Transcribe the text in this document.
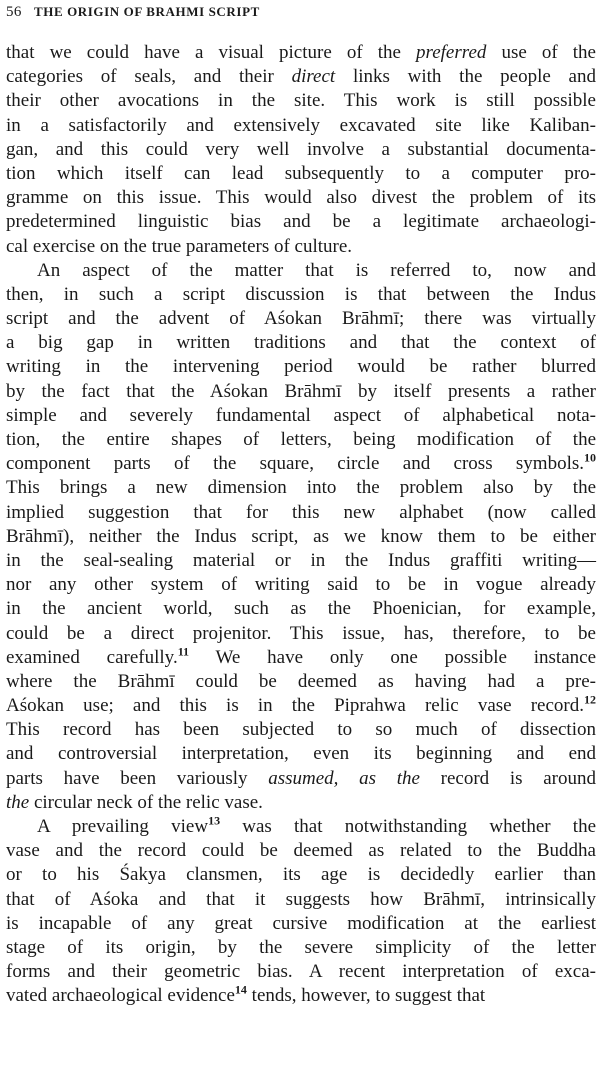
56 THE ORIGIN OF BRAHMI SCRIPT
that we could have a visual picture of the preferred use of the
categories of seals, and their direct links with the people and
their other avocations in the site. This work is still possible
in a satisfactorily and extensively excavated site like Kaliban-
gan, and this could very well involve a substantial documenta-
tion which itself can lead subsequently to a computer pro-
gramme on this issue. This would also divest the problem of its
predetermined linguistic bias and be a legitimate archaeologi-
cal exercise on the true parameters of culture.
An aspect of the matter that is referred to, now and
then, in such a script discussion is that between the Indus
script and the advent of Aśokan Brāhmī; there was virtually
a big gap in written traditions and that the context of
writing in the intervening period would be rather blurred
by the fact that the Aśokan Brāhmī by itself presents a rather
simple and severely fundamental aspect of alphabetical nota-
tion, the entire shapes of letters, being modification of the
component parts of the square, circle and cross symbols.$^{10}$
This brings a new dimension into the problem also by the
implied suggestion that for this new alphabet (now called
Brāhmī), neither the Indus script, as we know them to be either
in the seal-sealing material or in the Indus graffiti writing—
nor any other system of writing said to be in vogue already
in the ancient world, such as the Phoenician, for example,
could be a direct projenitor. This issue, has, therefore, to be
examined carefully.$^{11}$ We have only one possible instance
where the Brāhmī could be deemed as having had a pre-
Aśokan use; and this is in the Piprahwa relic vase record.$^{12}$
This record has been subjected to so much of dissection
and controversial interpretation, even its beginning and end
parts have been variously assumed, as the record is around
the circular neck of the relic vase.
A prevailing view$^{13}$ was that notwithstanding whether the
vase and the record could be deemed as related to the Buddha
or to his Śakya clansmen, its age is decidedly earlier than
that of Aśoka and that it suggests how Brāhmī, intrinsically
is incapable of any great cursive modification at the earliest
stage of its origin, by the severe simplicity of the letter
forms and their geometric bias. A recent interpretation of exca-
vated archaeological evidence$^{14}$ tends, however, to suggest that
